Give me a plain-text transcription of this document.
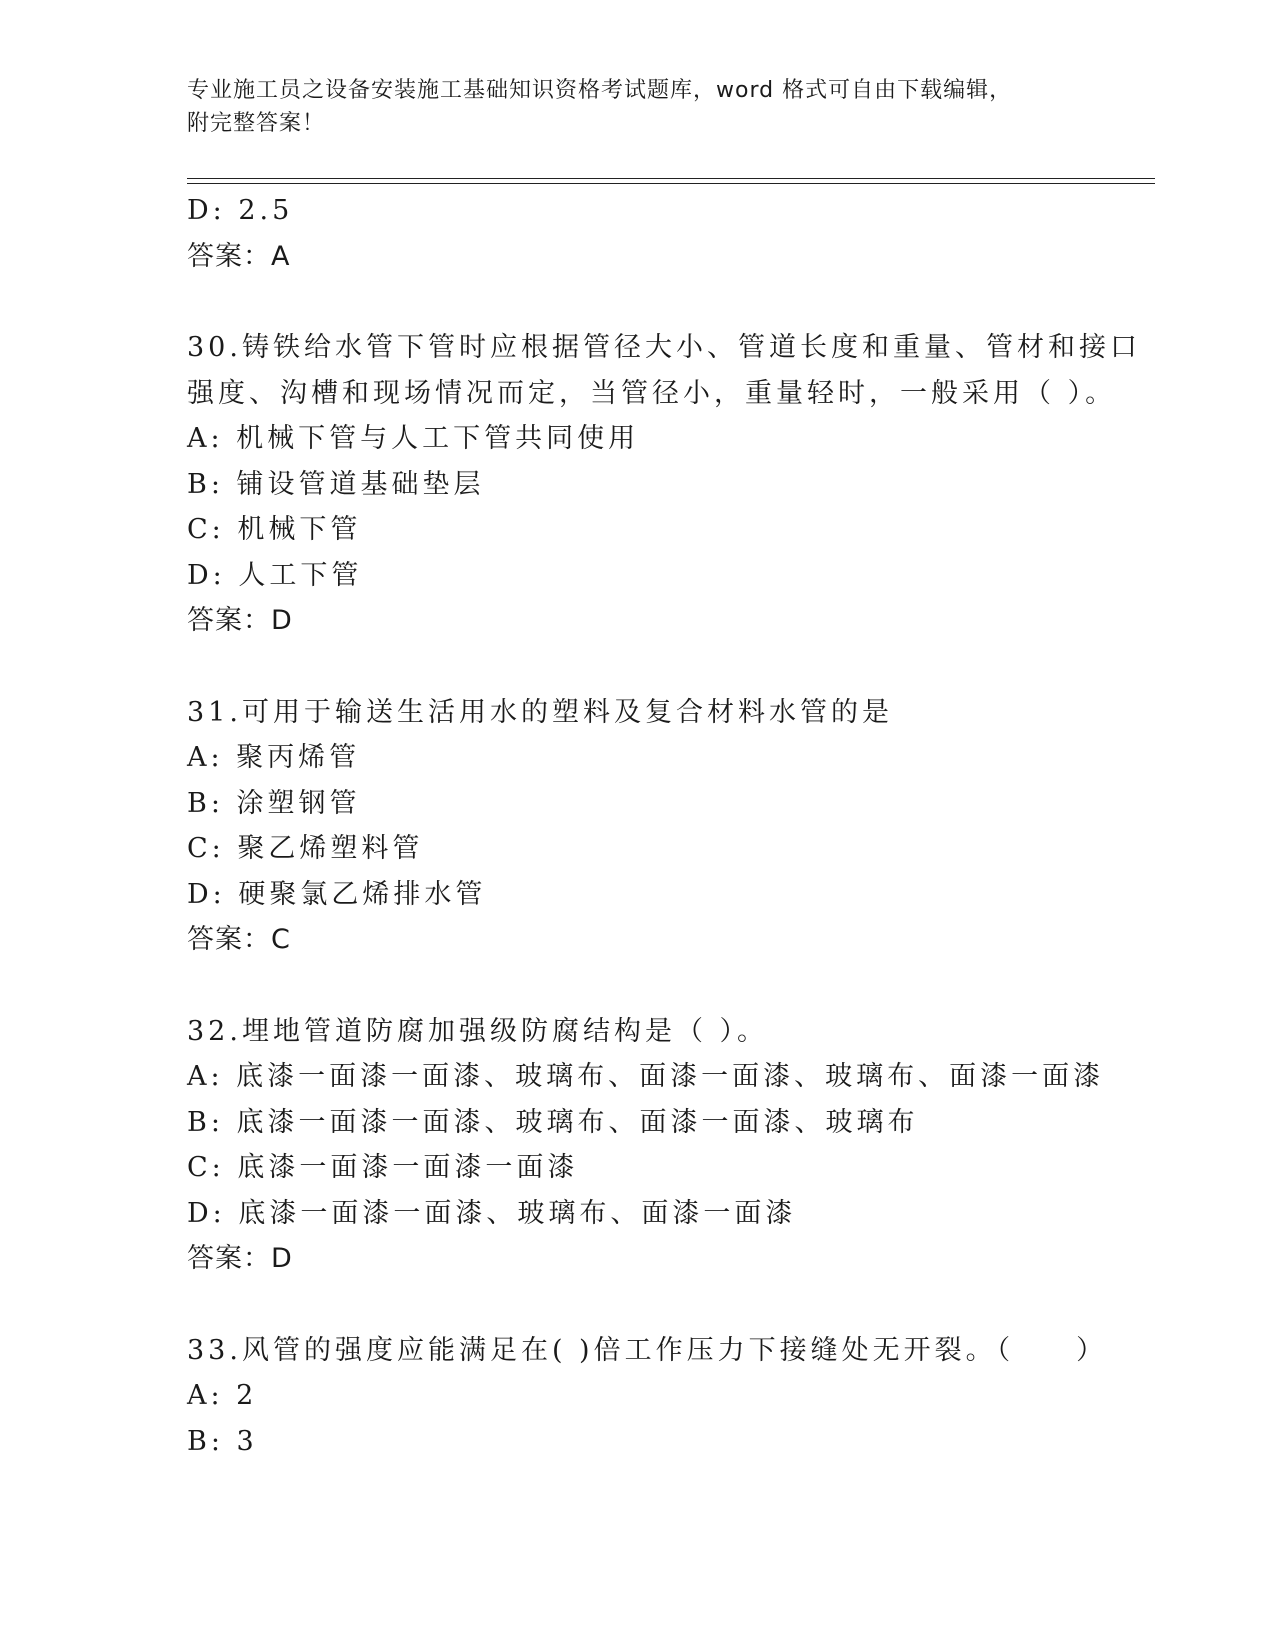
专业施工员之设备安装施工基础知识资格考试题库，word 格式可自由下载编辑，
附完整答案！
D: 2.5
答案：A
30.铸铁给水管下管时应根据管径大小、管道长度和重量、管材和接口
强度、沟槽和现场情况而定，当管径小，重量轻时，一般采用（ ）。
A: 机械下管与人工下管共同使用
B: 铺设管道基础垫层
C: 机械下管
D: 人工下管
答案：D
31.可用于输送生活用水的塑料及复合材料水管的是
A: 聚丙烯管
B: 涂塑钢管
C: 聚乙烯塑料管
D: 硬聚氯乙烯排水管
答案：C
32.埋地管道防腐加强级防腐结构是（ ）。
A: 底漆一面漆一面漆、玻璃布、面漆一面漆、玻璃布、面漆一面漆
B: 底漆一面漆一面漆、玻璃布、面漆一面漆、玻璃布
C: 底漆一面漆一面漆一面漆
D: 底漆一面漆一面漆、玻璃布、面漆一面漆
答案：D
33.风管的强度应能满足在( )倍工作压力下接缝处无开裂。（　　）
A: 2
B: 3
